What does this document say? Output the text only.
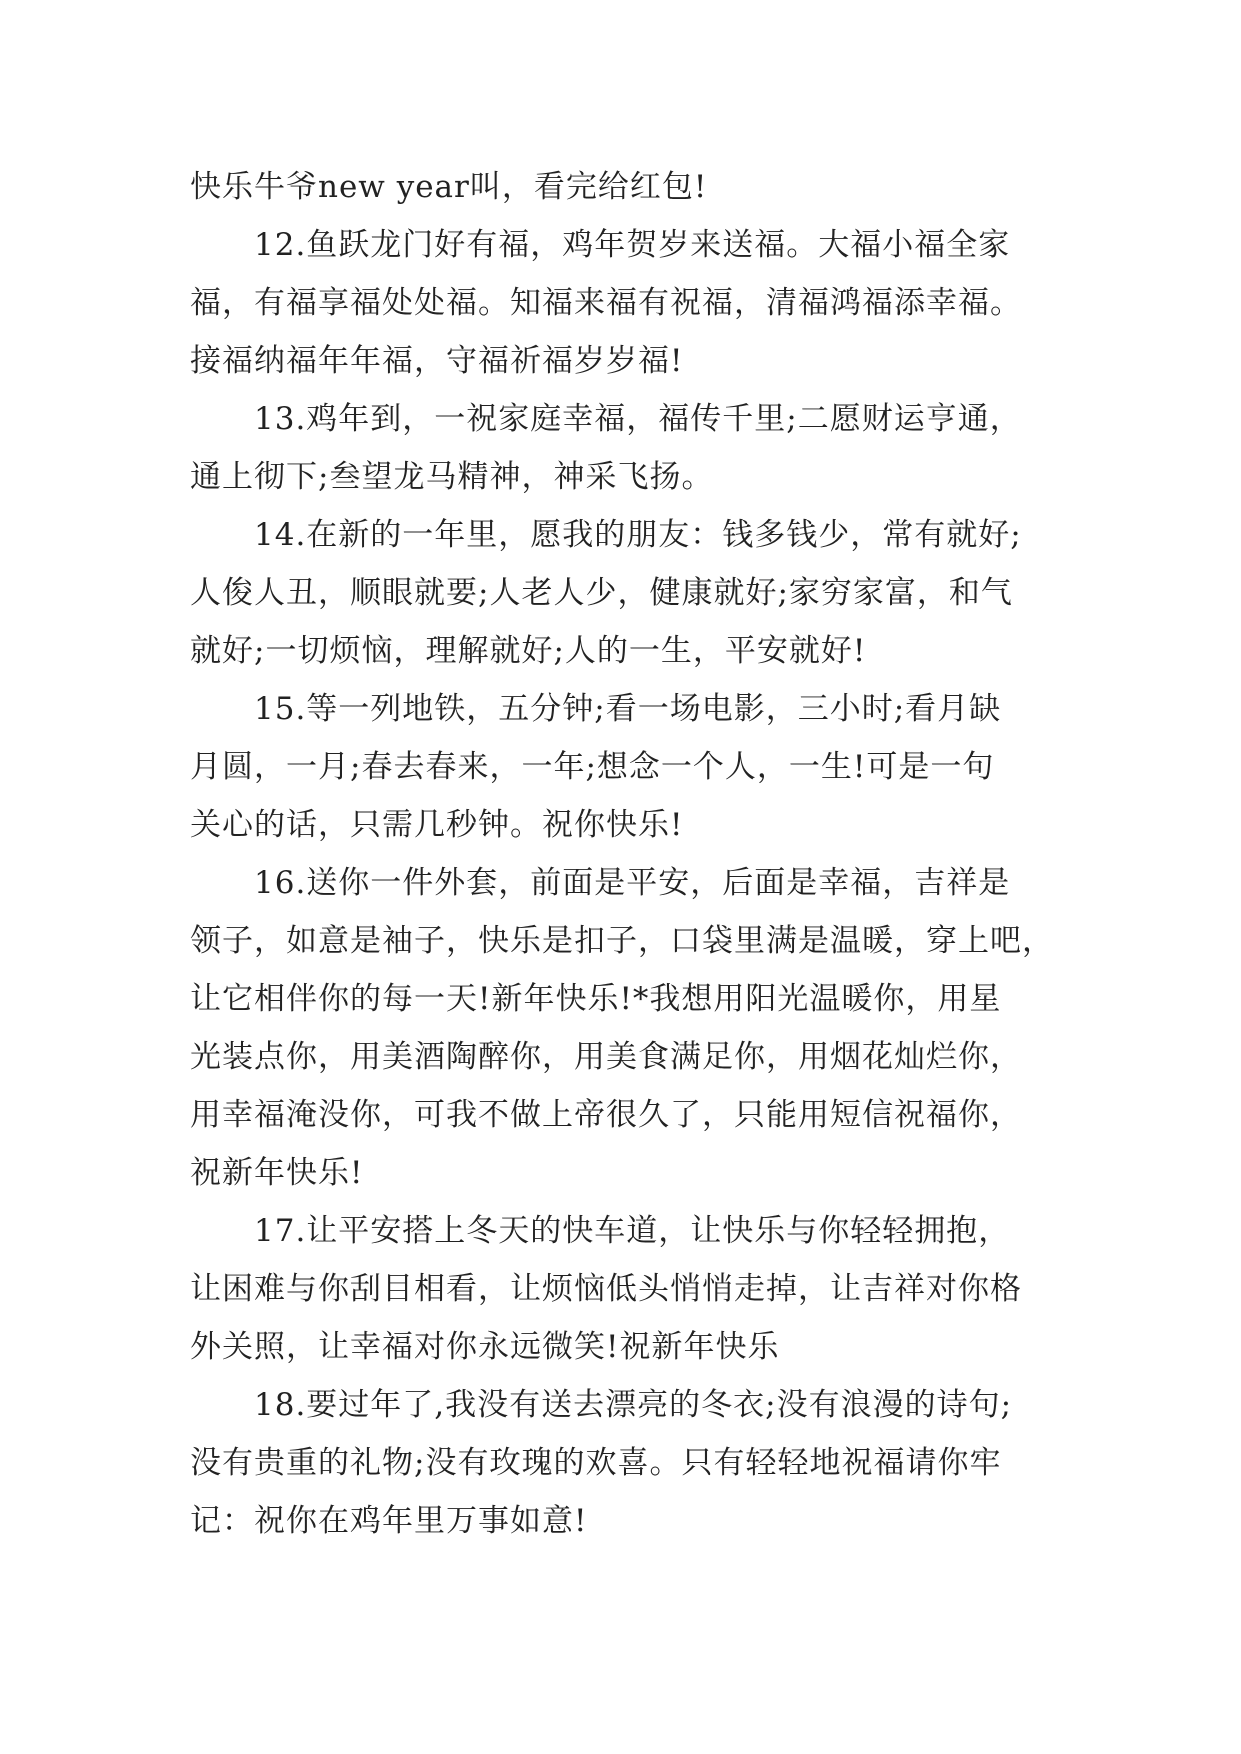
快乐牛爷new year叫，看完给红包!
12.鱼跃龙门好有福，鸡年贺岁来送福。大福小福全家
福，有福享福处处福。知福来福有祝福，清福鸿福添幸福。
接福纳福年年福，守福祈福岁岁福!
13.鸡年到，一祝家庭幸福，福传千里;二愿财运亨通，
通上彻下;叁望龙马精神，神采飞扬。
14.在新的一年里，愿我的朋友：钱多钱少，常有就好;
人俊人丑，顺眼就要;人老人少，健康就好;家穷家富，和气
就好;一切烦恼，理解就好;人的一生，平安就好!
15.等一列地铁，五分钟;看一场电影，三小时;看月缺
月圆，一月;春去春来，一年;想念一个人，一生!可是一句
关心的话，只需几秒钟。祝你快乐!
16.送你一件外套，前面是平安，后面是幸福，吉祥是
领子，如意是袖子，快乐是扣子，口袋里满是温暖，穿上吧，
让它相伴你的每一天!新年快乐!*我想用阳光温暖你，用星
光装点你，用美酒陶醉你，用美食满足你，用烟花灿烂你，
用幸福淹没你，可我不做上帝很久了，只能用短信祝福你，
祝新年快乐!
17.让平安搭上冬天的快车道，让快乐与你轻轻拥抱，
让困难与你刮目相看，让烦恼低头悄悄走掉，让吉祥对你格
外关照，让幸福对你永远微笑!祝新年快乐
18.要过年了,我没有送去漂亮的冬衣;没有浪漫的诗句;
没有贵重的礼物;没有玫瑰的欢喜。只有轻轻地祝福请你牢
记：祝你在鸡年里万事如意!
